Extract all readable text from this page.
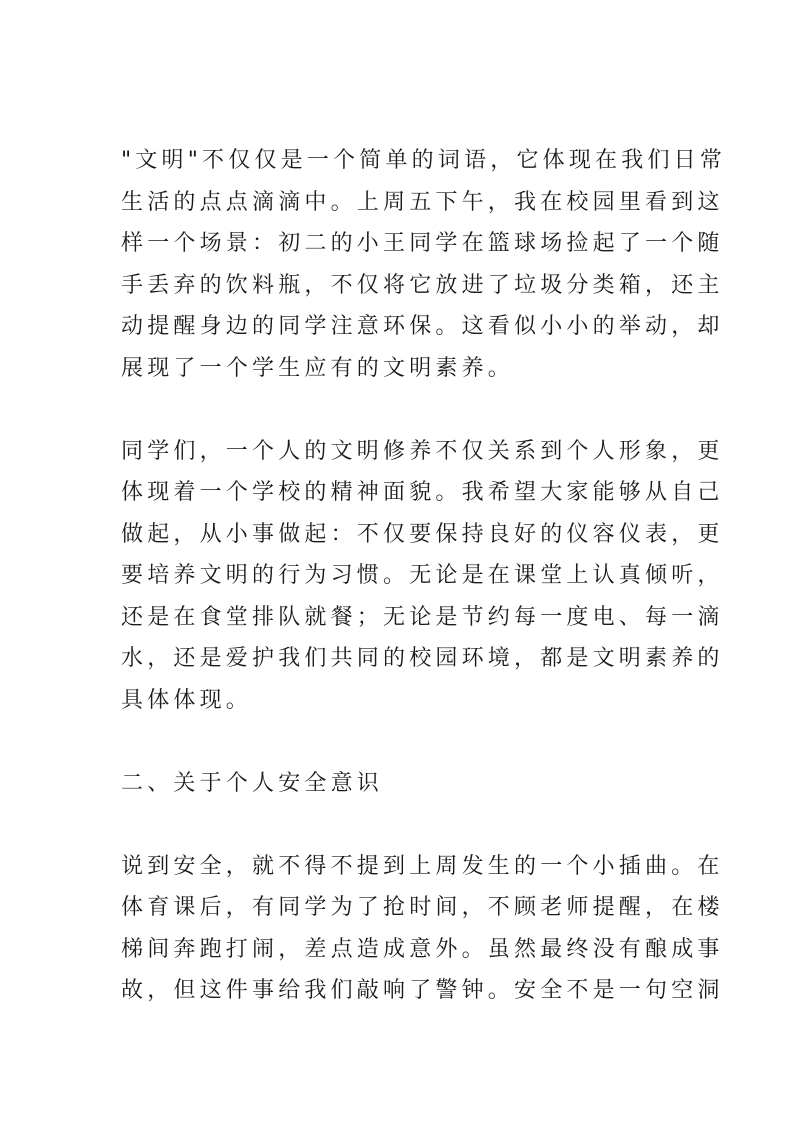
"文明"不仅仅是一个简单的词语，它体现在我们日常
生活的点点滴滴中。上周五下午，我在校园里看到这
样一个场景：初二的小王同学在篮球场捡起了一个随
手丢弃的饮料瓶，不仅将它放进了垃圾分类箱，还主
动提醒身边的同学注意环保。这看似小小的举动，却
展现了一个学生应有的文明素养。
同学们，一个人的文明修养不仅关系到个人形象，更
体现着一个学校的精神面貌。我希望大家能够从自己
做起，从小事做起：不仅要保持良好的仪容仪表，更
要培养文明的行为习惯。无论是在课堂上认真倾听，
还是在食堂排队就餐；无论是节约每一度电、每一滴
水，还是爱护我们共同的校园环境，都是文明素养的
具体体现。
二、关于个人安全意识
说到安全，就不得不提到上周发生的一个小插曲。在
体育课后，有同学为了抢时间，不顾老师提醒，在楼
梯间奔跑打闹，差点造成意外。虽然最终没有酿成事
故，但这件事给我们敲响了警钟。安全不是一句空洞
